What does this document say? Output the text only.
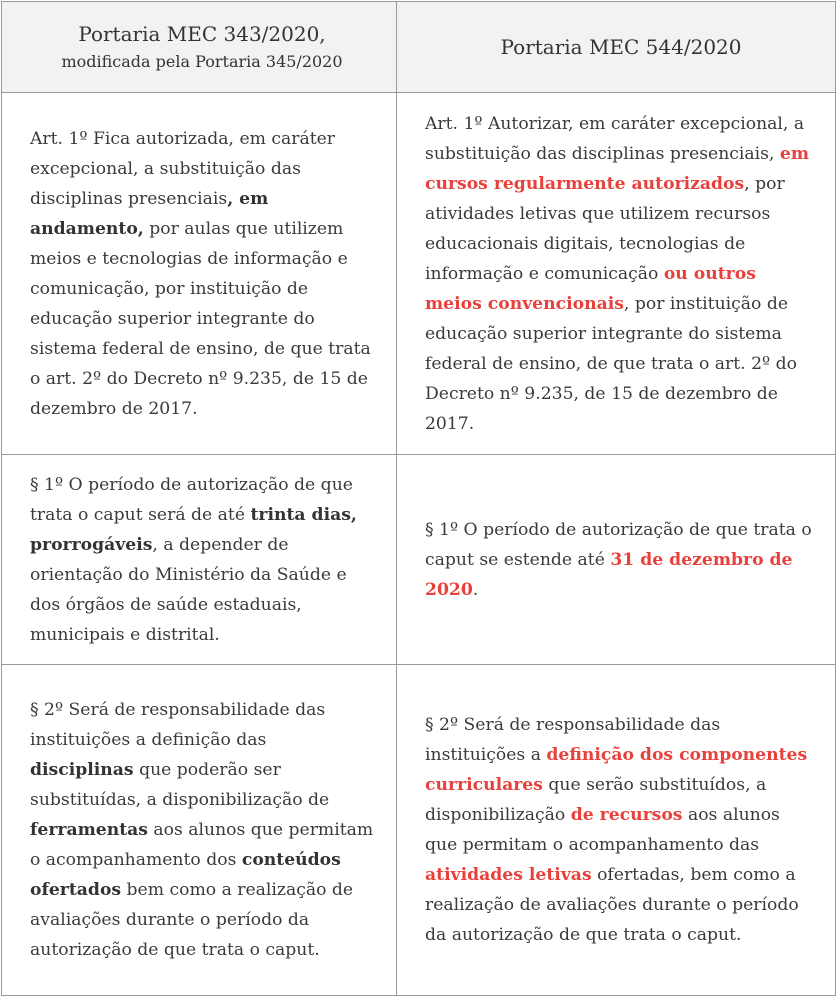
Portaria MEC 343/2020,
modificada pela Portaria 345/2020
Portaria MEC 544/2020

Art. 1º Fica autorizada, em caráter excepcional, a substituição das disciplinas presenciais, em andamento, por aulas que utilizem meios e tecnologias de informação e comunicação, por instituição de educação superior integrante do sistema federal de ensino, de que trata o art. 2º do Decreto nº 9.235, de 15 de dezembro de 2017.

Art. 1º Autorizar, em caráter excepcional, a substituição das disciplinas presenciais, em cursos regularmente autorizados, por atividades letivas que utilizem recursos educacionais digitais, tecnologias de informação e comunicação ou outros meios convencionais, por instituição de educação superior integrante do sistema federal de ensino, de que trata o art. 2º do Decreto nº 9.235, de 15 de dezembro de 2017.

§ 1º O período de autorização de que trata o caput será de até trinta dias, prorrogáveis, a depender de orientação do Ministério da Saúde e dos órgãos de saúde estaduais, municipais e distrital.

§ 1º O período de autorização de que trata o caput se estende até 31 de dezembro de 2020.

§ 2º Será de responsabilidade das instituições a definição das disciplinas que poderão ser substituídas, a disponibilização de ferramentas aos alunos que permitam o acompanhamento dos conteúdos ofertados bem como a realização de avaliações durante o período da autorização de que trata o caput.

§ 2º Será de responsabilidade das instituições a definição dos componentes curriculares que serão substituídos, a disponibilização de recursos aos alunos que permitam o acompanhamento das atividades letivas ofertadas, bem como a realização de avaliações durante o período da autorização de que trata o caput.
